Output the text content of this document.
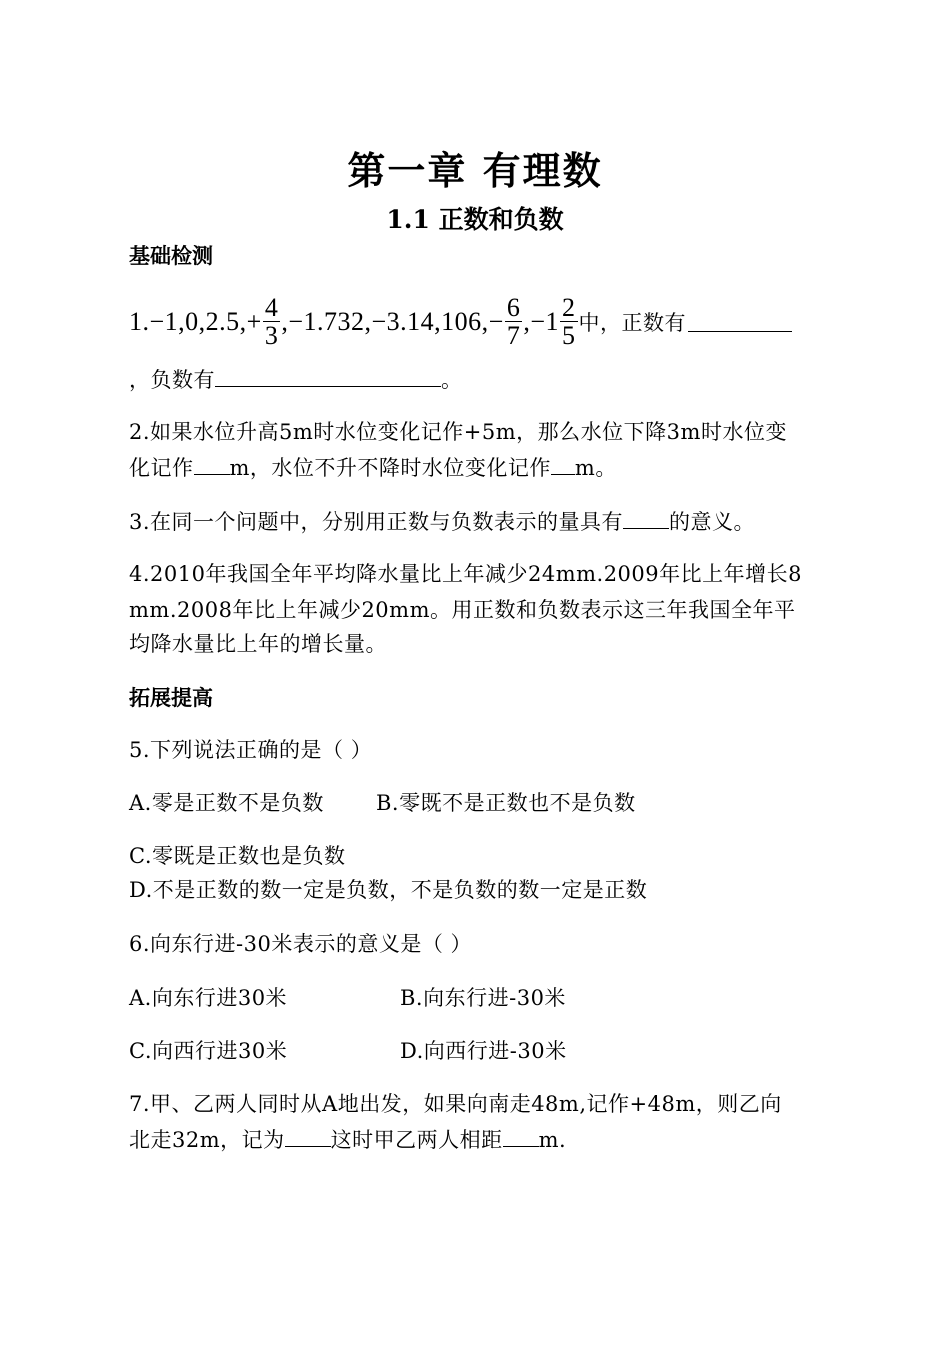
第一章 有理数
1.1 正数和负数
基础检测
1. $-1,0,2.5,+ \frac{4}{3} ,-1.732,-3.14,106,- \frac{6}{7} ,-1 \frac{2}{5}$ 中，正数有
，负数有	。
2.如果水位升高5m时水位变化记作+5m，那么水位下降3m时水位变
化记作 m，水位不升不降时水位变化记作 m。
3.在同一个问题中，分别用正数与负数表示的量具有 的意义。
4.2010年我国全年平均降水量比上年减少24mm.2009年比上年增长8
mm.2008年比上年减少20mm。用正数和负数表示这三年我国全年平
均降水量比上年的增长量。
拓展提高
5.下列说法正确的是（ ）
A.零是正数不是负数 B.零既不是正数也不是负数
C.零既是正数也是负数
D.不是正数的数一定是负数，不是负数的数一定是正数
6.向东行进-30米表示的意义是（ ）
A.向东行进30米	B.向东行进-30米
C.向西行进30米	D.向西行进-30米
7.甲、乙两人同时从A地出发，如果向南走48m,记作+48m，则乙向
北走32m，记为 这时甲乙两人相距 m.
